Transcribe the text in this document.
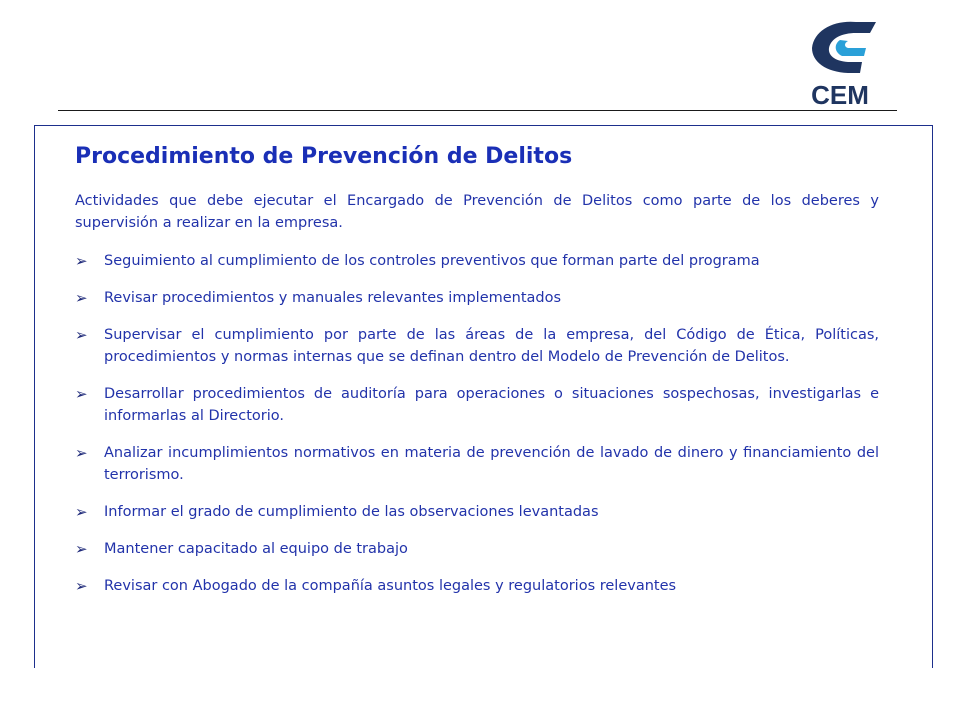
CEM
Procedimiento de Prevención de Delitos

Actividades que debe ejecutar el Encargado de Prevención de Delitos como parte de los deberes y supervisión a realizar en la empresa.

➢ Seguimiento al cumplimiento de los controles preventivos que forman parte del programa
➢ Revisar procedimientos y manuales relevantes implementados
➢ Supervisar el cumplimiento por parte de las áreas de la empresa, del Código de Ética, Políticas, procedimientos y normas internas que se definan dentro del Modelo de Prevención de Delitos.
➢ Desarrollar procedimientos de auditoría para operaciones o situaciones sospechosas, investigarlas e informarlas al Directorio.
➢ Analizar incumplimientos normativos en materia de prevención de lavado de dinero y financiamiento del terrorismo.
➢ Informar el grado de cumplimiento de las observaciones levantadas
➢ Mantener capacitado al equipo de trabajo
➢ Revisar con Abogado de la compañía asuntos legales y regulatorios relevantes
